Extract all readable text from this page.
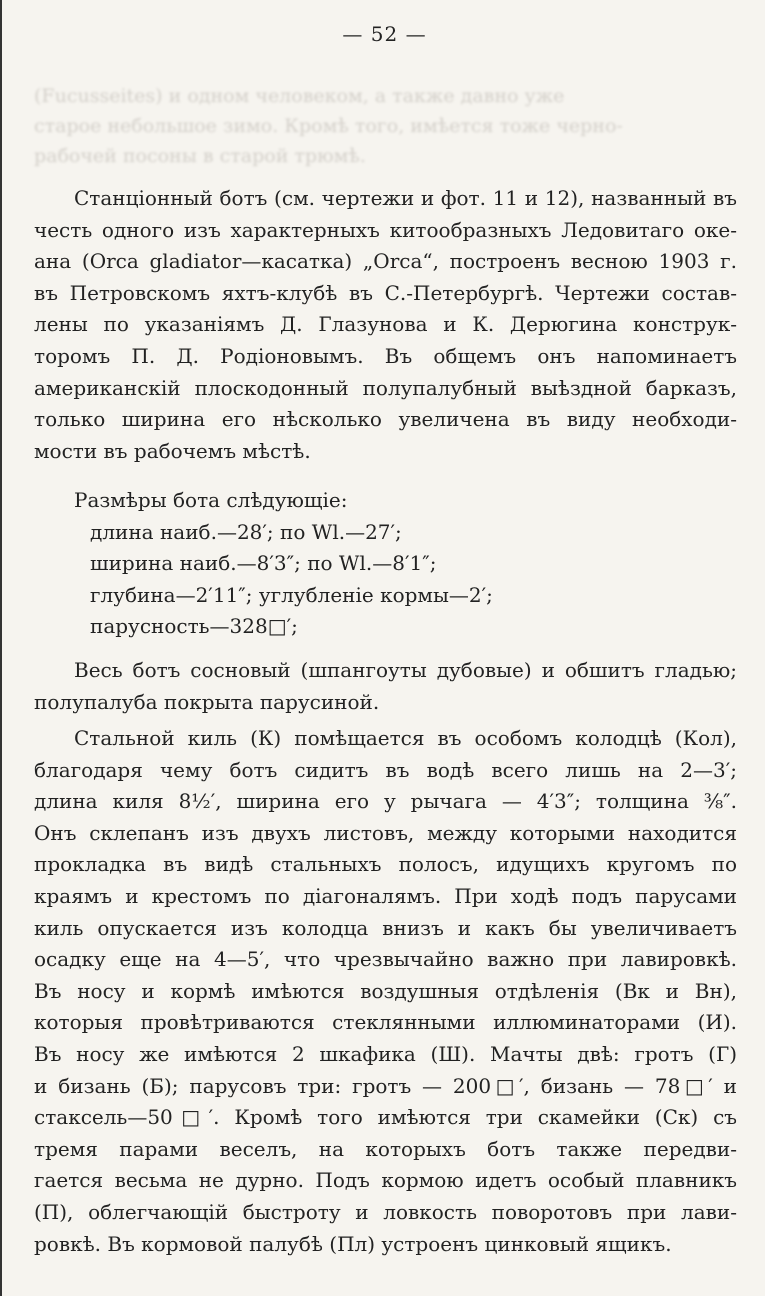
— 52 —
(Fucusseites) и одном человеком, а также давно уже
старое небольшое зимо. Кромѣ того, имѣется тоже черно-
рабочей посоны в старой трюмѣ.

Станціонный ботъ (см. чертежи и фот. 11 и 12), названный въ

честь одного изъ характерныхъ китообразныхъ Ледовитаго оке-

ана (Orca gladiator—касатка) „Orca“, построенъ весною 1903 г.

въ Петровскомъ яхтъ-клубѣ въ С.-Петербургѣ. Чертежи состав-

лены по указаніямъ Д. Глазунова и К. Дерюгина конструк-

торомъ П. Д. Родіоновымъ. Въ общемъ онъ напоминаетъ

американскій плоскодонный полупалубный выѣздной барказъ,

только ширина его нѣсколько увеличена въ виду необходи-

мости въ рабочемъ мѣстѣ.

Размѣры бота слѣдующіе:

длина наиб.—28′; по Wl.—27′;

ширина наиб.—8′3″; по Wl.—8′1″;

глубина—2′11″; углубленіе кормы—2′;

парусность—328□′;

Весь ботъ сосновый (шпангоуты дубовые) и обшитъ гладью;

полупалуба покрыта парусиной.

Стальной киль (К) помѣщается въ особомъ колодцѣ (Кол),

благодаря чему ботъ сидитъ въ водѣ всего лишь на 2—3′;

длина киля 8½′, ширина его у рычага — 4′3″; толщина ⅜″.

Онъ склепанъ изъ двухъ листовъ, между которыми находится

прокладка въ видѣ стальныхъ полосъ, идущихъ кругомъ по

краямъ и крестомъ по діагоналямъ. При ходѣ подъ парусами

киль опускается изъ колодца внизъ и какъ бы увеличиваетъ

осадку еще на 4—5′, что чрезвычайно важно при лавировкѣ.

Въ носу и кормѣ имѣются воздушныя отдѣленія (Вк и Вн),

которыя провѣтриваются стеклянными иллюминаторами (И).

Въ носу же имѣются 2 шкафика (Ш). Мачты двѣ: гротъ (Г)

и бизань (Б); парусовъ три: гротъ — 200□′, бизань — 78□′ и

стаксель—50□′. Кромѣ того имѣются три скамейки (Ск) съ

тремя парами веселъ, на которыхъ ботъ также передви-

гается весьма не дурно. Подъ кормою идетъ особый плавникъ

(П), облегчающій быстроту и ловкость поворотовъ при лави-

ровкѣ. Въ кормовой палубѣ (Пл) устроенъ цинковый ящикъ.
